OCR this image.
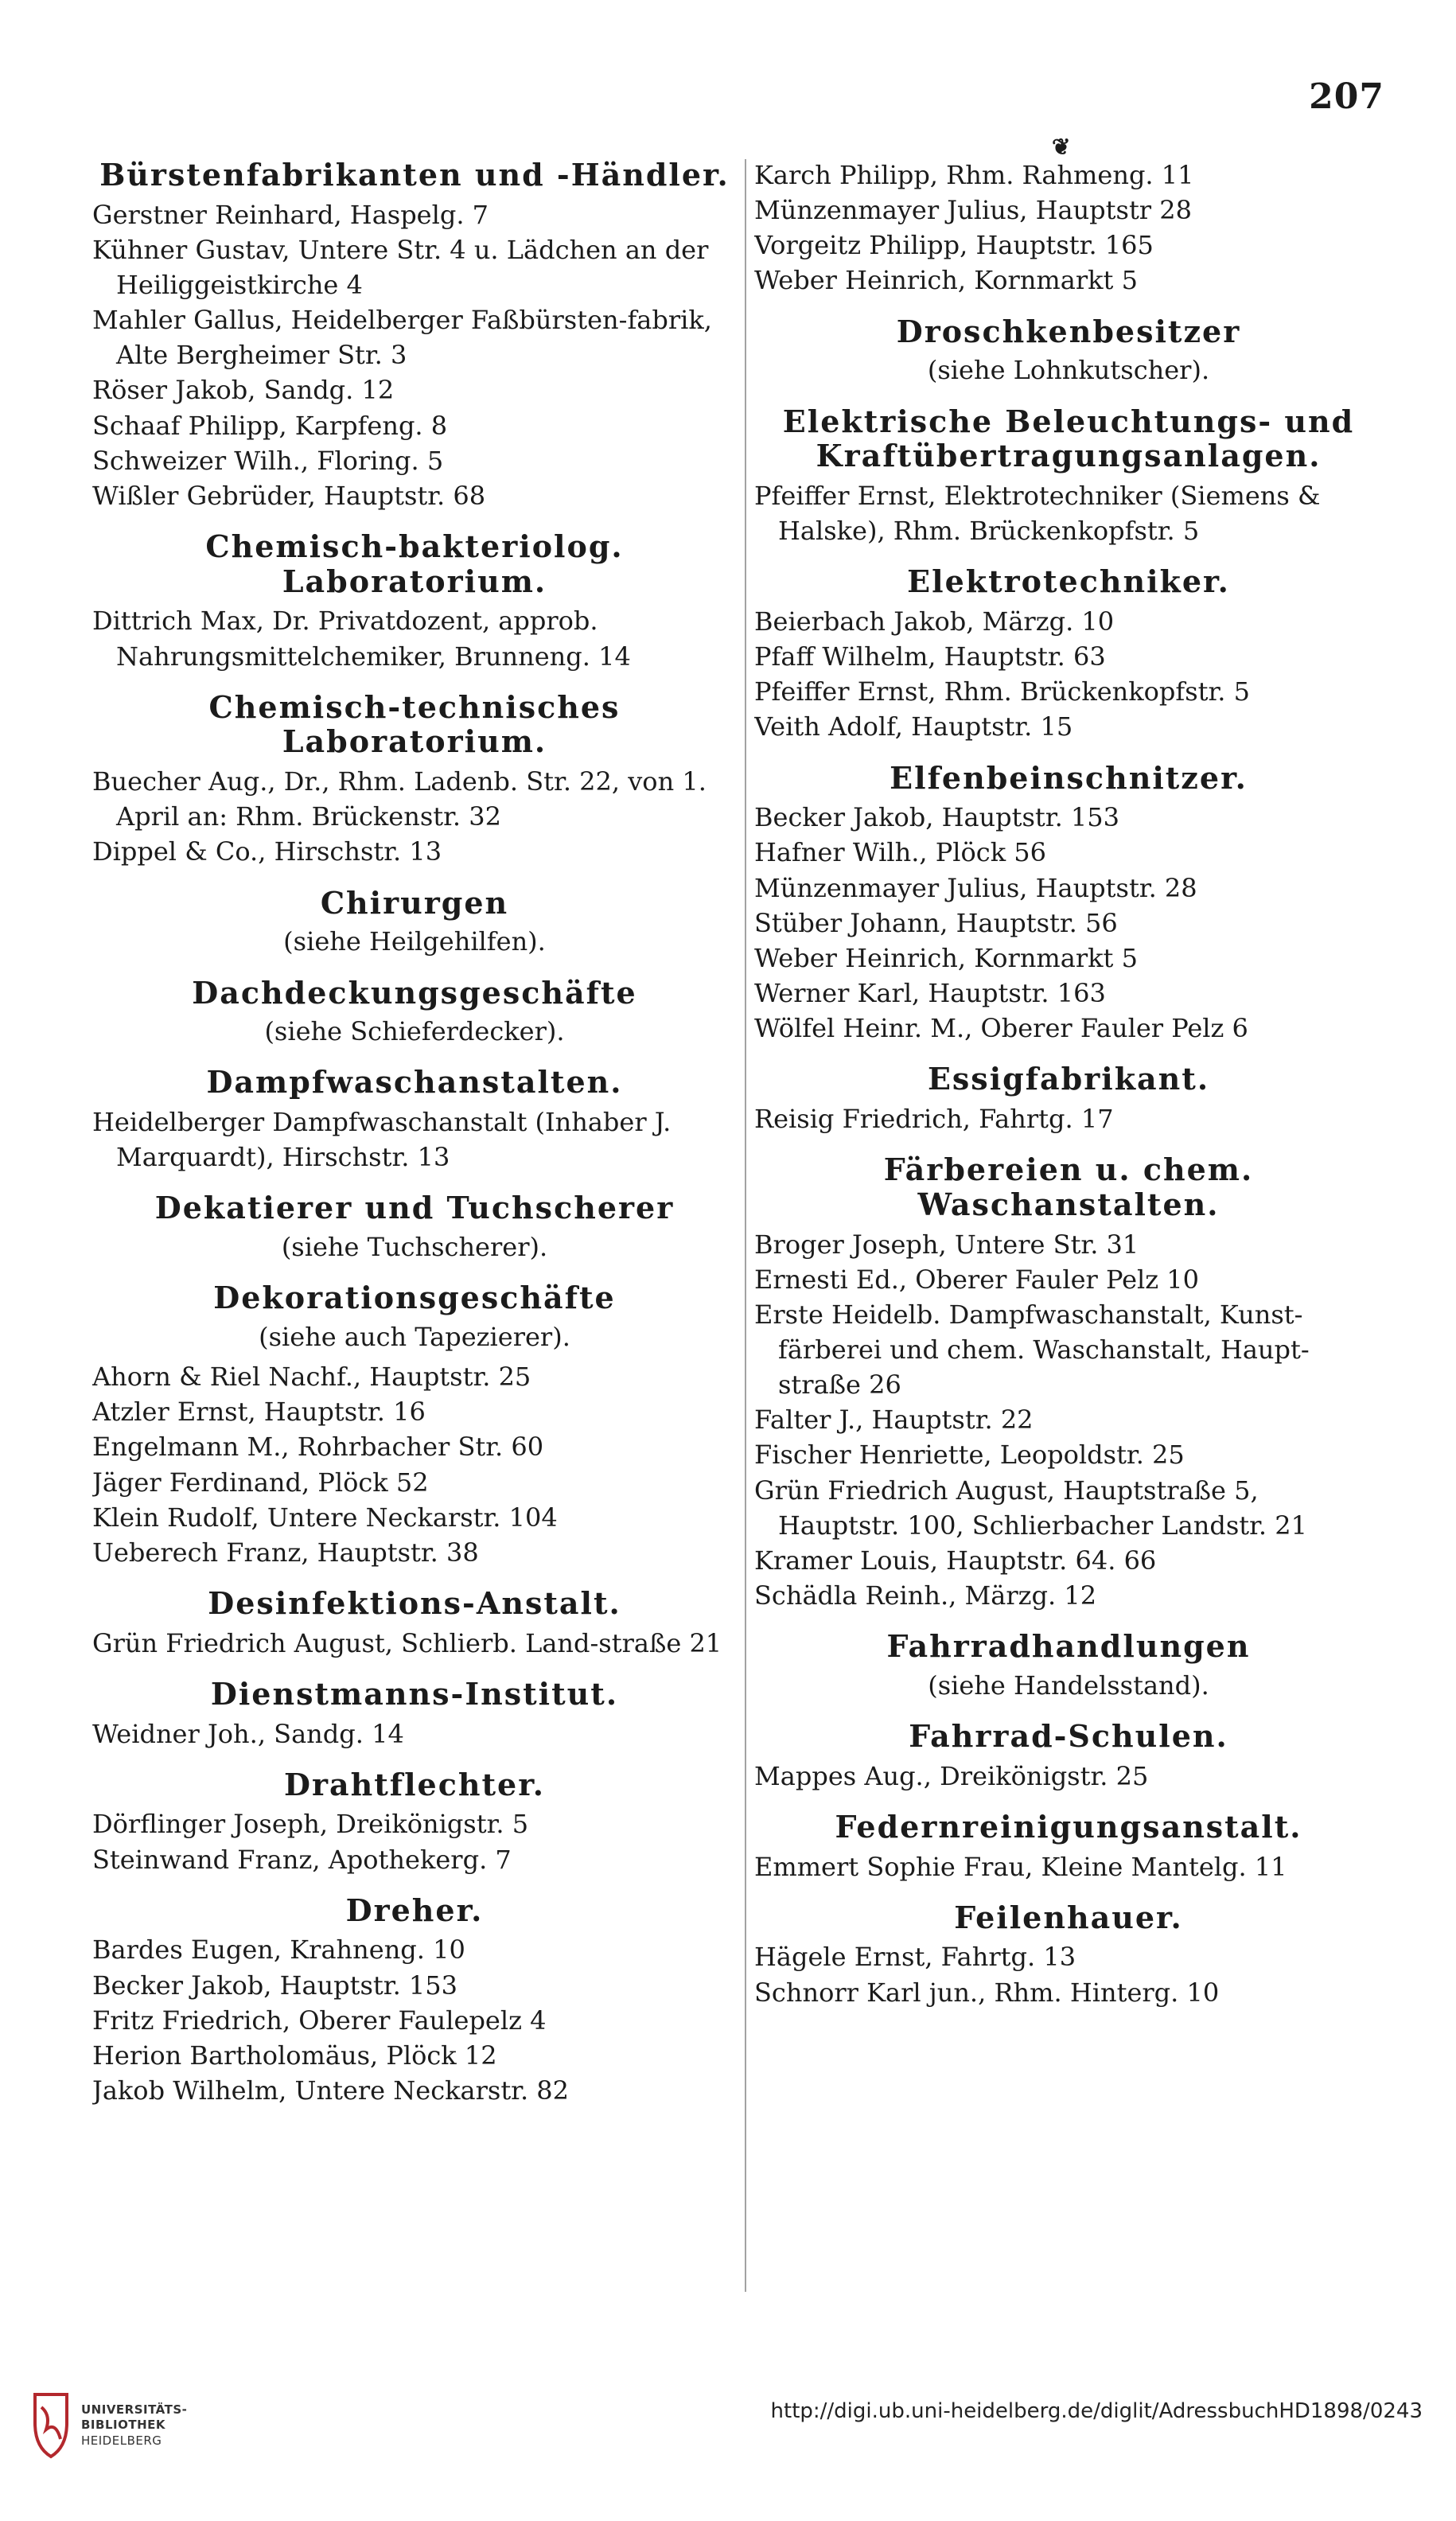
207
❦
Bürstenfabrikanten und -Händler.

Gerstner Reinhard, Haspelg. 7

Kühner Gustav, Untere Str. 4 u. Lädchen an der Heiliggeistkirche 4

Mahler Gallus, Heidelberger Faßbürsten-fabrik, Alte Bergheimer Str. 3

Röser Jakob, Sandg. 12

Schaaf Philipp, Karpfeng. 8

Schweizer Wilh., Floring. 5

Wißler Gebrüder, Hauptstr. 68

Chemisch-bakteriolog. Laboratorium.

Dittrich Max, Dr. Privatdozent, approb. Nahrungsmittelchemiker, Brunneng. 14

Chemisch-technisches Laboratorium.

Buecher Aug., Dr., Rhm. Ladenb. Str. 22, von 1. April an: Rhm. Brückenstr. 32

Dippel & Co., Hirschstr. 13

Chirurgen
(siehe Heilgehilfen).
Dachdeckungsgeschäfte
(siehe Schieferdecker).
Dampfwaschanstalten.

Heidelberger Dampfwaschanstalt (Inhaber J. Marquardt), Hirschstr. 13

Dekatierer und Tuchscherer
(siehe Tuchscherer).
Dekorationsgeschäfte
(siehe auch Tapezierer).

Ahorn & Riel Nachf., Hauptstr. 25

Atzler Ernst, Hauptstr. 16

Engelmann M., Rohrbacher Str. 60

Jäger Ferdinand, Plöck 52

Klein Rudolf, Untere Neckarstr. 104

Ueberech Franz, Hauptstr. 38

Desinfektions-Anstalt.

Grün Friedrich August, Schlierb. Land-straße 21

Dienstmanns-Institut.

Weidner Joh., Sandg. 14

Drahtflechter.

Dörflinger Joseph, Dreikönigstr. 5

Steinwand Franz, Apothekerg. 7

Dreher.

Bardes Eugen, Krahneng. 10

Becker Jakob, Hauptstr. 153

Fritz Friedrich, Oberer Faulepelz 4

Herion Bartholomäus, Plöck 12

Jakob Wilhelm, Untere Neckarstr. 82

Karch Philipp, Rhm. Rahmeng. 11

Münzenmayer Julius, Hauptstr 28

Vorgeitz Philipp, Hauptstr. 165

Weber Heinrich, Kornmarkt 5

Droschkenbesitzer
(siehe Lohnkutscher).
Elektrische Beleuchtungs- und Kraftübertragungsanlagen.

Pfeiffer Ernst, Elektrotechniker (Siemens & Halske), Rhm. Brückenkopfstr. 5

Elektrotechniker.

Beierbach Jakob, Märzg. 10

Pfaff Wilhelm, Hauptstr. 63

Pfeiffer Ernst, Rhm. Brückenkopfstr. 5

Veith Adolf, Hauptstr. 15

Elfenbeinschnitzer.

Becker Jakob, Hauptstr. 153

Hafner Wilh., Plöck 56

Münzenmayer Julius, Hauptstr. 28

Stüber Johann, Hauptstr. 56

Weber Heinrich, Kornmarkt 5

Werner Karl, Hauptstr. 163

Wölfel Heinr. M., Oberer Fauler Pelz 6

Essigfabrikant.

Reisig Friedrich, Fahrtg. 17

Färbereien u. chem. Waschanstalten.

Broger Joseph, Untere Str. 31

Ernesti Ed., Oberer Fauler Pelz 10

Erste Heidelb. Dampfwaschanstalt, Kunst-färberei und chem. Waschanstalt, Haupt-straße 26

Falter J., Hauptstr. 22

Fischer Henriette, Leopoldstr. 25

Grün Friedrich August, Hauptstraße 5, Hauptstr. 100, Schlierbacher Landstr. 21

Kramer Louis, Hauptstr. 64. 66

Schädla Reinh., Märzg. 12

Fahrradhandlungen
(siehe Handelsstand).
Fahrrad-Schulen.

Mappes Aug., Dreikönigstr. 25

Federnreinigungsanstalt.

Emmert Sophie Frau, Kleine Mantelg. 11

Feilenhauer.

Hägele Ernst, Fahrtg. 13

Schnorr Karl jun., Rhm. Hinterg. 10

UNIVERSITÄTS-
BIBLIOTHEK
HEIDELBERG
http://digi.ub.uni-heidelberg.de/diglit/AdressbuchHD1898/0243
